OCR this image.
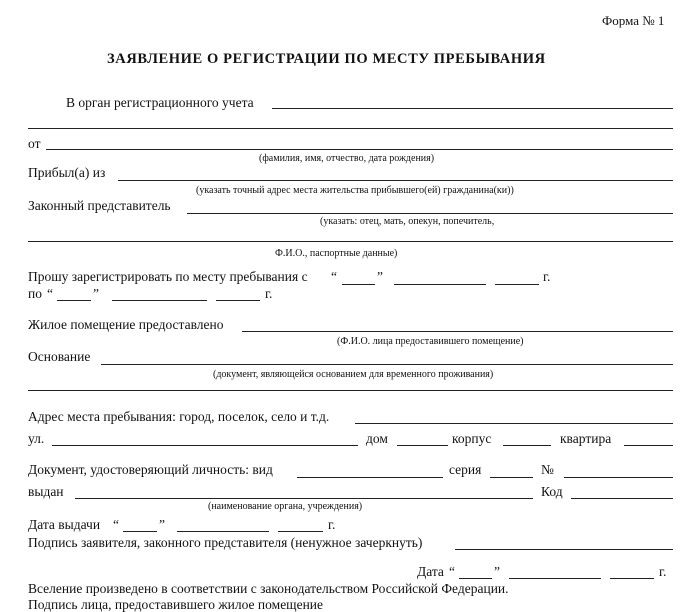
Форма № 1
ЗАЯВЛЕНИЕ О РЕГИСТРАЦИИ ПО МЕСТУ ПРЕБЫВАНИЯ
В орган регистрационного учета
от
(фамилия, имя, отчество, дата рождения)
Прибыл(а) из
(указать точный адрес места жительства прибывшего(ей) гражданина(ки))
Законный представитель
(указать: отец, мать, опекун, попечитель,
Ф.И.О., паспортные данные)
Прошу зарегистрировать по месту пребывания с “	”	г.
по “	”	г.
Жилое помещение предоставлено
(Ф.И.О. лица предоставившего помещение)
Основание
(документ, являющейся основанием для временного проживания)
Адрес места пребывания: город, поселок, село и т.д.
ул.	дом	корпус	квартира
Документ, удостоверяющий личность: вид	серия	№
выдан	Код
(наименование органа, учреждения)
Дата выдачи “	”	г.
Подпись заявителя, законного представителя (ненужное зачеркнуть)
Дата “	”	г.
Вселение произведено в соответствии с законодательством Российской Федерации.
Подпись лица, предоставившего жилое помещение
